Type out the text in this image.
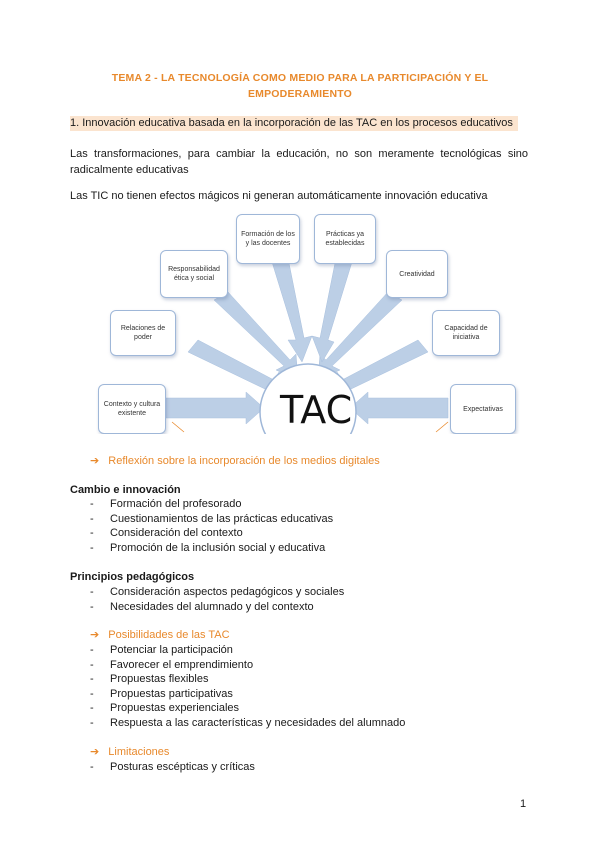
TEMA 2 - LA TECNOLOGÍA COMO MEDIO PARA LA PARTICIPACIÓN Y EL
EMPODERAMIENTO
1. Innovación educativa basada en la incorporación de las TAC en los procesos educativos
Las transformaciones, para cambiar la educación, no son meramente tecnológicas sino radicalmente educativas
Las TIC no tienen efectos mágicos ni generan automáticamente innovación educativa
TAC
Formación de los y las docentes
Prácticas ya establecidas
Responsabilidad ética y social
Creatividad
Relaciones de poder
Capacidad de iniciativa
Contexto y cultura existente
Expectativas
➔ Reflexión sobre la incorporación de los medios digitales
Cambio e innovación
- Formación del profesorado
- Cuestionamientos de las prácticas educativas
- Consideración del contexto
- Promoción de la inclusión social y educativa
Principios pedagógicos
- Consideración aspectos pedagógicos y sociales
- Necesidades del alumnado y del contexto
➔ Posibilidades de las TAC
- Potenciar la participación
- Favorecer el emprendimiento
- Propuestas flexibles
- Propuestas participativas
- Propuestas experienciales
- Respuesta a las características y necesidades del alumnado
➔ Limitaciones
- Posturas escépticas y críticas
1
